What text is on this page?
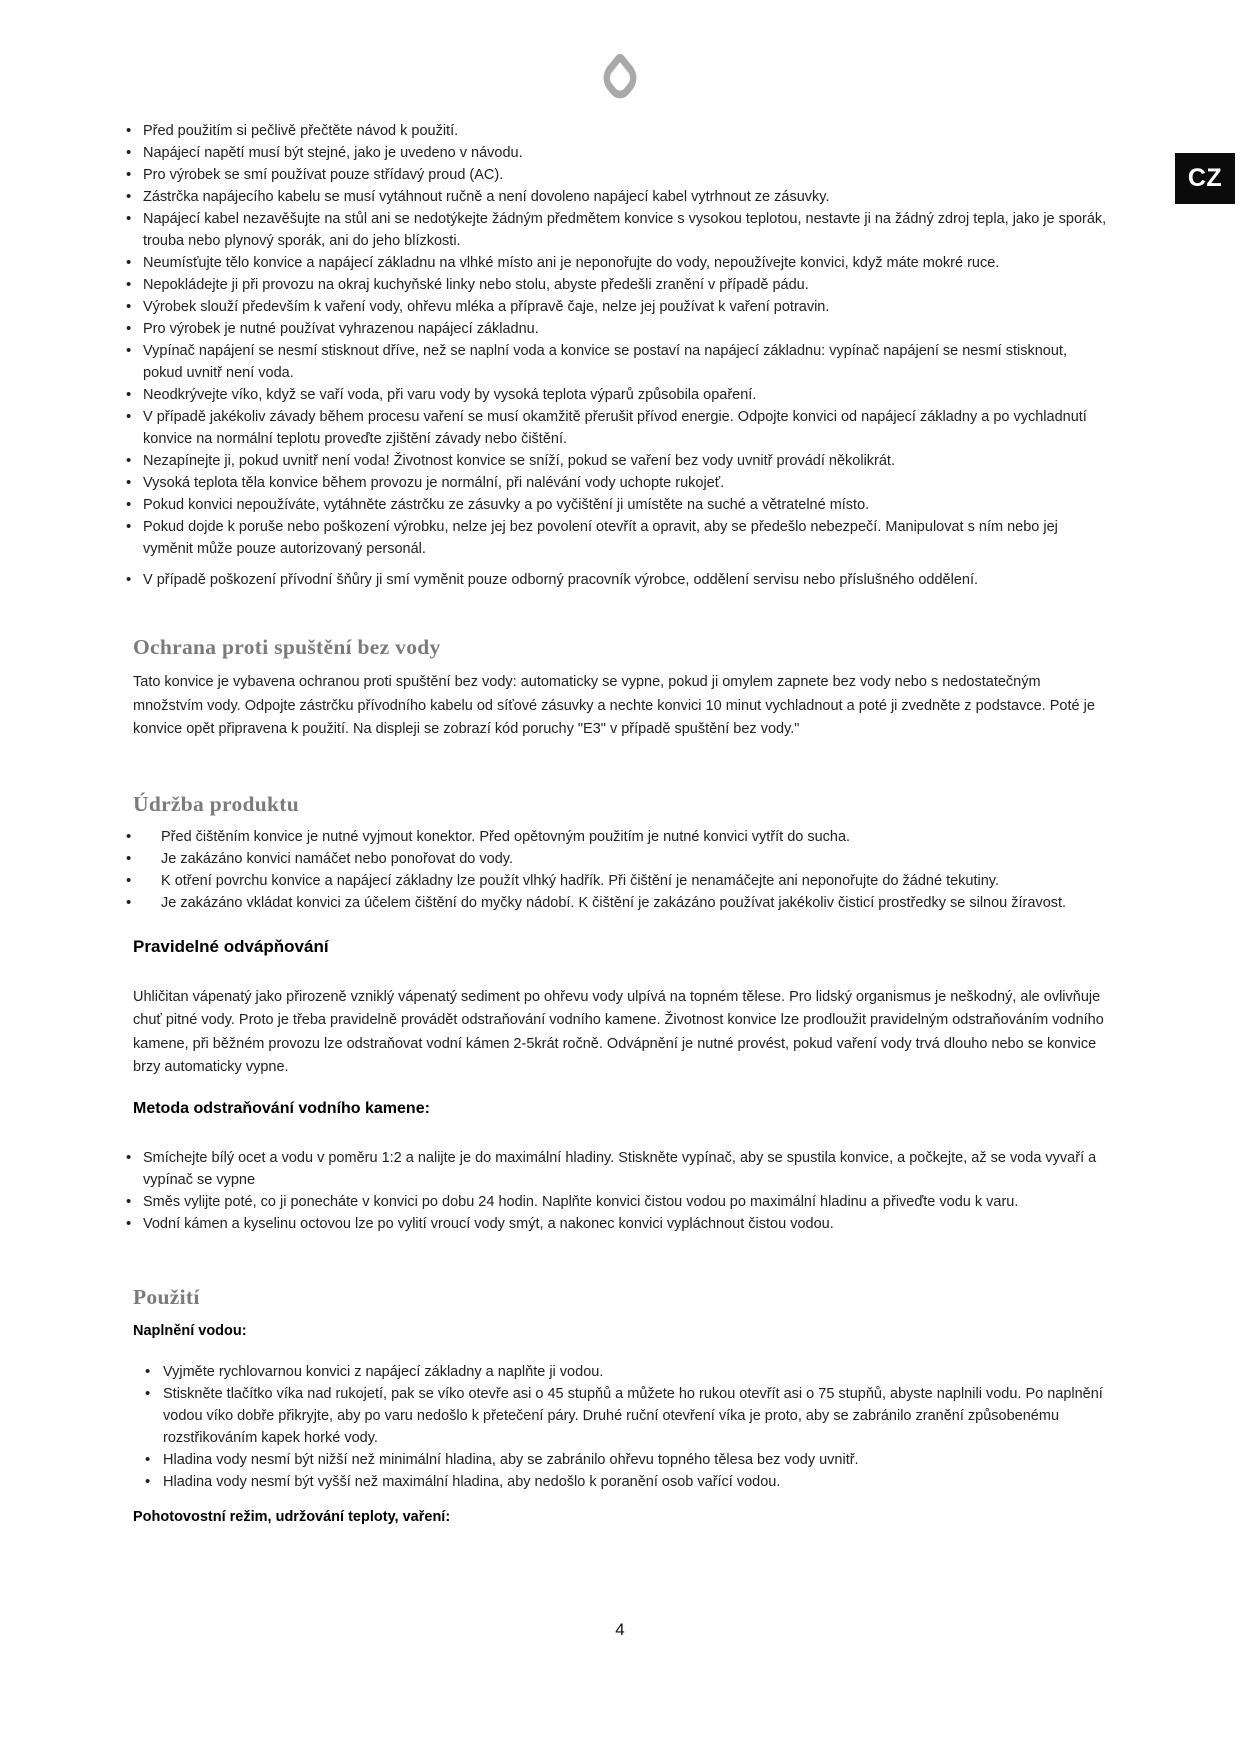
CZ
• Před použitím si pečlivě přečtěte návod k použití.
• Napájecí napětí musí být stejné, jako je uvedeno v návodu.
• Pro výrobek se smí používat pouze střídavý proud (AC).
• Zástrčka napájecího kabelu se musí vytáhnout ručně a není dovoleno napájecí kabel vytrhnout ze zásuvky.
• Napájecí kabel nezavěšujte na stůl ani se nedotýkejte žádným předmětem konvice s vysokou teplotou, nestavte ji na žádný zdroj tepla, jako je sporák, trouba nebo plynový sporák, ani do jeho blízkosti.
• Neumísťujte tělo konvice a napájecí základnu na vlhké místo ani je neponořujte do vody, nepoužívejte konvici, když máte mokré ruce.
• Nepokládejte ji při provozu na okraj kuchyňské linky nebo stolu, abyste předešli zranění v případě pádu.
• Výrobek slouží především k vaření vody, ohřevu mléka a přípravě čaje, nelze jej používat k vaření potravin.
• Pro výrobek je nutné používat vyhrazenou napájecí základnu.
• Vypínač napájení se nesmí stisknout dříve, než se naplní voda a konvice se postaví na napájecí základnu: vypínač napájení se nesmí stisknout, pokud uvnitř není voda.
• Neodkrývejte víko, když se vaří voda, při varu vody by vysoká teplota výparů způsobila opaření.
• V případě jakékoliv závady během procesu vaření se musí okamžitě přerušit přívod energie. Odpojte konvici od napájecí základny a po vychladnutí konvice na normální teplotu proveďte zjištění závady nebo čištění.
• Nezapínejte ji, pokud uvnitř není voda! Životnost konvice se sníží, pokud se vaření bez vody uvnitř provádí několikrát.
• Vysoká teplota těla konvice během provozu je normální, při nalévání vody uchopte rukojeť.
• Pokud konvici nepoužíváte, vytáhněte zástrčku ze zásuvky a po vyčištění ji umístěte na suché a větratelné místo.
• Pokud dojde k poruše nebo poškození výrobku, nelze jej bez povolení otevřít a opravit, aby se předešlo nebezpečí. Manipulovat s ním nebo jej vyměnit může pouze autorizovaný personál.
• V případě poškození přívodní šňůry ji smí vyměnit pouze odborný pracovník výrobce, oddělení servisu nebo příslušného oddělení.
Ochrana proti spuštění bez vody

Tato konvice je vybavena ochranou proti spuštění bez vody: automaticky se vypne, pokud ji omylem zapnete bez vody nebo s nedostatečným množstvím vody. Odpojte zástrčku přívodního kabelu od síťové zásuvky a nechte konvici 10 minut vychladnout a poté ji zvedněte z podstavce. Poté je konvice opět připravena k použití. Na displeji se zobrazí kód poruchy "E3" v případě spuštění bez vody."

Údržba produktu
• Před čištěním konvice je nutné vyjmout konektor. Před opětovným použitím je nutné konvici vytřít do sucha.
• Je zakázáno konvici namáčet nebo ponořovat do vody.
• K otření povrchu konvice a napájecí základny lze použít vlhký hadřík. Při čištění je nenamáčejte ani neponořujte do žádné tekutiny.
• Je zakázáno vkládat konvici za účelem čištění do myčky nádobí. K čištění je zakázáno používat jakékoliv čisticí prostředky se silnou žíravost.
Pravidelné odvápňování

Uhličitan vápenatý jako přirozeně vzniklý vápenatý sediment po ohřevu vody ulpívá na topném tělese. Pro lidský organismus je neškodný, ale ovlivňuje chuť pitné vody. Proto je třeba pravidelně provádět odstraňování vodního kamene. Životnost konvice lze prodloužit pravidelným odstraňováním vodního kamene, při běžném provozu lze odstraňovat vodní kámen 2-5krát ročně. Odvápnění je nutné provést, pokud vaření vody trvá dlouho nebo se konvice brzy automaticky vypne.

Metoda odstraňování vodního kamene:
• Smíchejte bílý ocet a vodu v poměru 1:2 a nalijte je do maximální hladiny. Stiskněte vypínač, aby se spustila konvice, a počkejte, až se voda vyvaří a vypínač se vypne
• Směs vylijte poté, co ji ponecháte v konvici po dobu 24 hodin. Naplňte konvici čistou vodou po maximální hladinu a přiveďte vodu k varu.
• Vodní kámen a kyselinu octovou lze po vylití vroucí vody smýt, a nakonec konvici vypláchnout čistou vodou.
Použití
Naplnění vodou:
• Vyjměte rychlovarnou konvici z napájecí základny a naplňte ji vodou.
• Stiskněte tlačítko víka nad rukojetí, pak se víko otevře asi o 45 stupňů a můžete ho rukou otevřít asi o 75 stupňů, abyste naplnili vodu. Po naplnění vodou víko dobře přikryjte, aby po varu nedošlo k přetečení páry. Druhé ruční otevření víka je proto, aby se zabránilo zranění způsobenému rozstřikováním kapek horké vody.
• Hladina vody nesmí být nižší než minimální hladina, aby se zabránilo ohřevu topného tělesa bez vody uvnitř.
• Hladina vody nesmí být vyšší než maximální hladina, aby nedošlo k poranění osob vařící vodou.
Pohotovostní režim, udržování teploty, vaření:
4
